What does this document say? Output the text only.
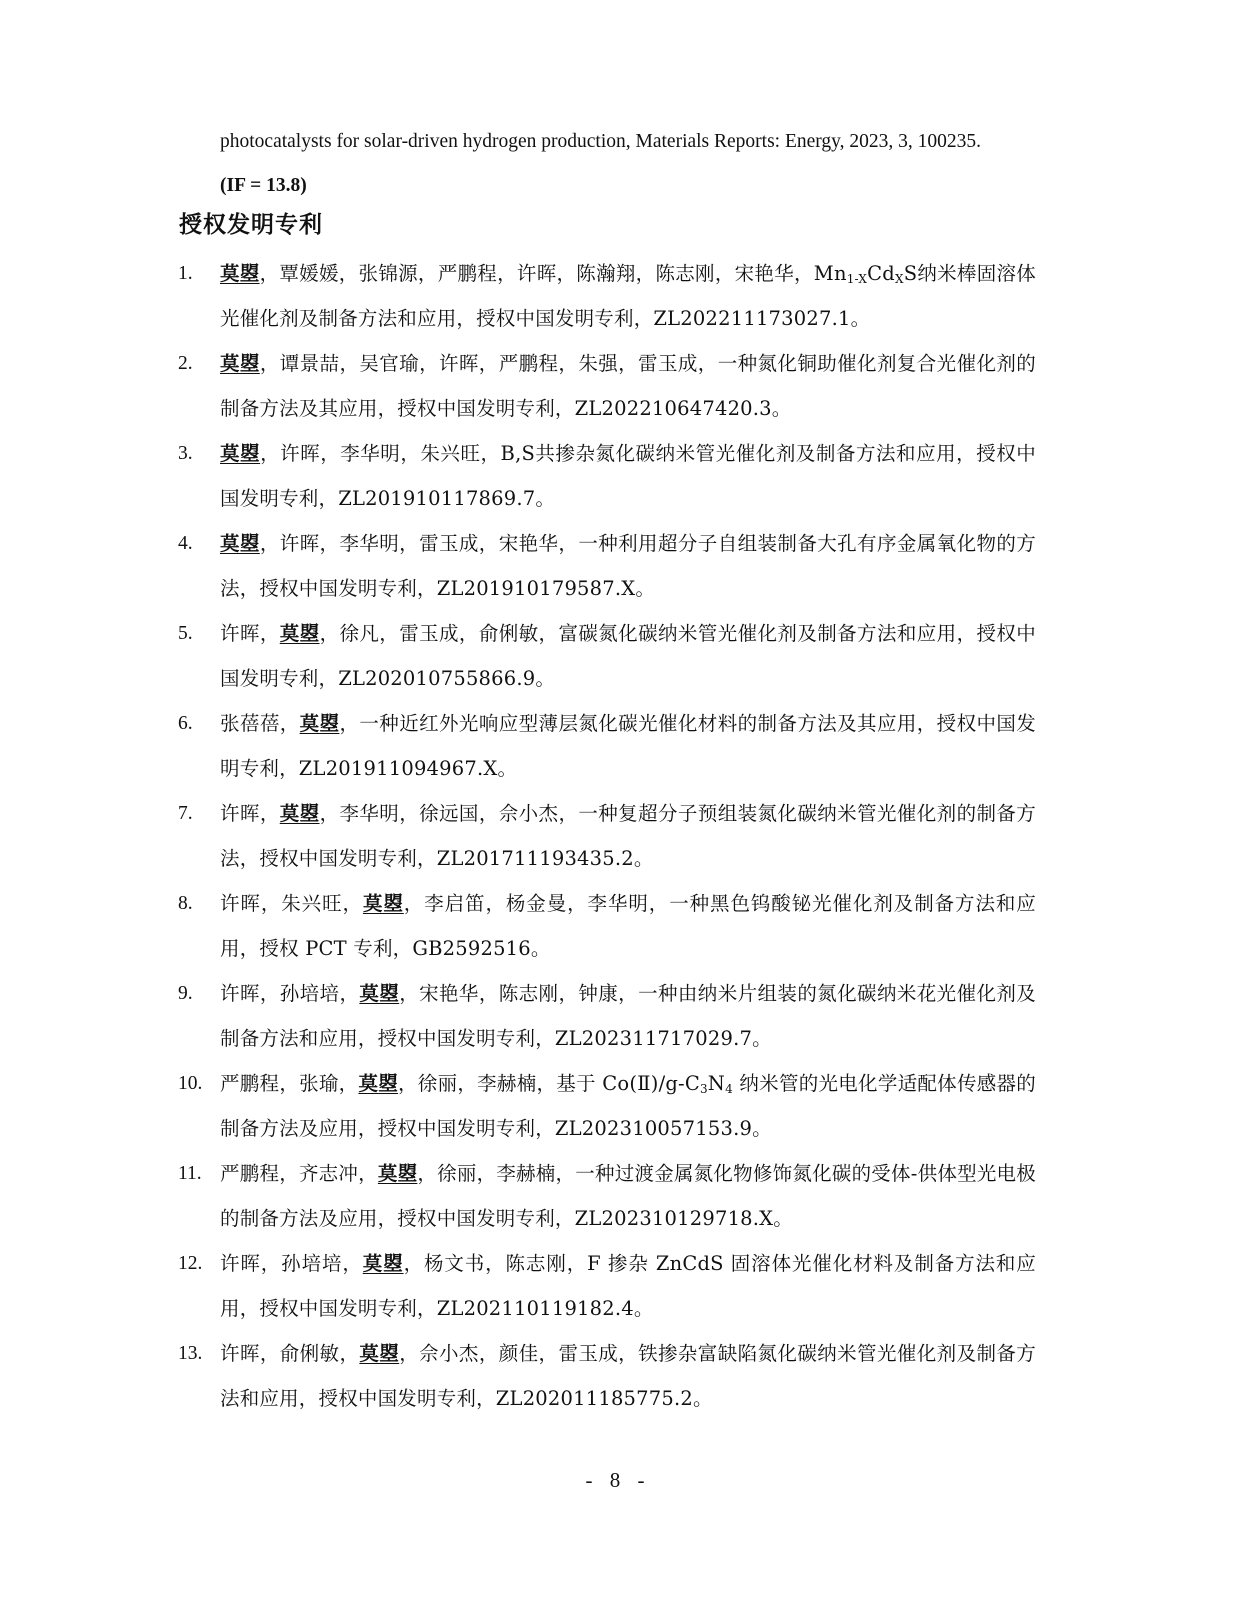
photocatalysts for solar-driven hydrogen production, Materials Reports: Energy, 2023, 3, 100235.
(IF = 13.8)
授权发明专利
1.	莫曌，覃媛媛，张锦源，严鹏程，许晖，陈瀚翔，陈志刚，宋艳华，$Mn_{1-X}Cd_XS$纳米棒固溶体光催化剂及制备方法和应用，授权中国发明专利，ZL202211173027.1。
2.	莫曌，谭景喆，吴官瑜，许晖，严鹏程，朱强，雷玉成，一种氮化铜助催化剂复合光催化剂的制备方法及其应用，授权中国发明专利，ZL202210647420.3。
3.	莫曌，许晖，李华明，朱兴旺，B,S共掺杂氮化碳纳米管光催化剂及制备方法和应用，授权中国发明专利，ZL201910117869.7。
4.	莫曌，许晖，李华明，雷玉成，宋艳华，一种利用超分子自组装制备大孔有序金属氧化物的方法，授权中国发明专利，ZL201910179587.X。
5.	许晖，莫曌，徐凡，雷玉成，俞俐敏，富碳氮化碳纳米管光催化剂及制备方法和应用，授权中国发明专利，ZL202010755866.9。
6.	张蓓蓓，莫曌，一种近红外光响应型薄层氮化碳光催化材料的制备方法及其应用，授权中国发明专利，ZL201911094967.X。
7.	许晖，莫曌，李华明，徐远国，佘小杰，一种复超分子预组装氮化碳纳米管光催化剂的制备方法，授权中国发明专利，ZL201711193435.2。
8.	许晖，朱兴旺，莫曌，李启笛，杨金曼，李华明，一种黑色钨酸铋光催化剂及制备方法和应用，授权 PCT 专利，GB2592516。
9.	许晖，孙培培，莫曌，宋艳华，陈志刚，钟康，一种由纳米片组装的氮化碳纳米花光催化剂及制备方法和应用，授权中国发明专利，ZL202311717029.7。
10. 严鹏程，张瑜，莫曌，徐丽，李赫楠，基于 $Co(Ⅱ)/g-C_3N_4$ 纳米管的光电化学适配体传感器的制备方法及应用，授权中国发明专利，ZL202310057153.9。
11. 严鹏程，齐志冲，莫曌，徐丽，李赫楠，一种过渡金属氮化物修饰氮化碳的受体-供体型光电极的制备方法及应用，授权中国发明专利，ZL202310129718.X。
12. 许晖，孙培培，莫曌，杨文书，陈志刚，F 掺杂 ZnCdS 固溶体光催化材料及制备方法和应用，授权中国发明专利，ZL202110119182.4。
13. 许晖，俞俐敏，莫曌，佘小杰，颜佳，雷玉成，铁掺杂富缺陷氮化碳纳米管光催化剂及制备方法和应用，授权中国发明专利，ZL202011185775.2。
- 8 -
